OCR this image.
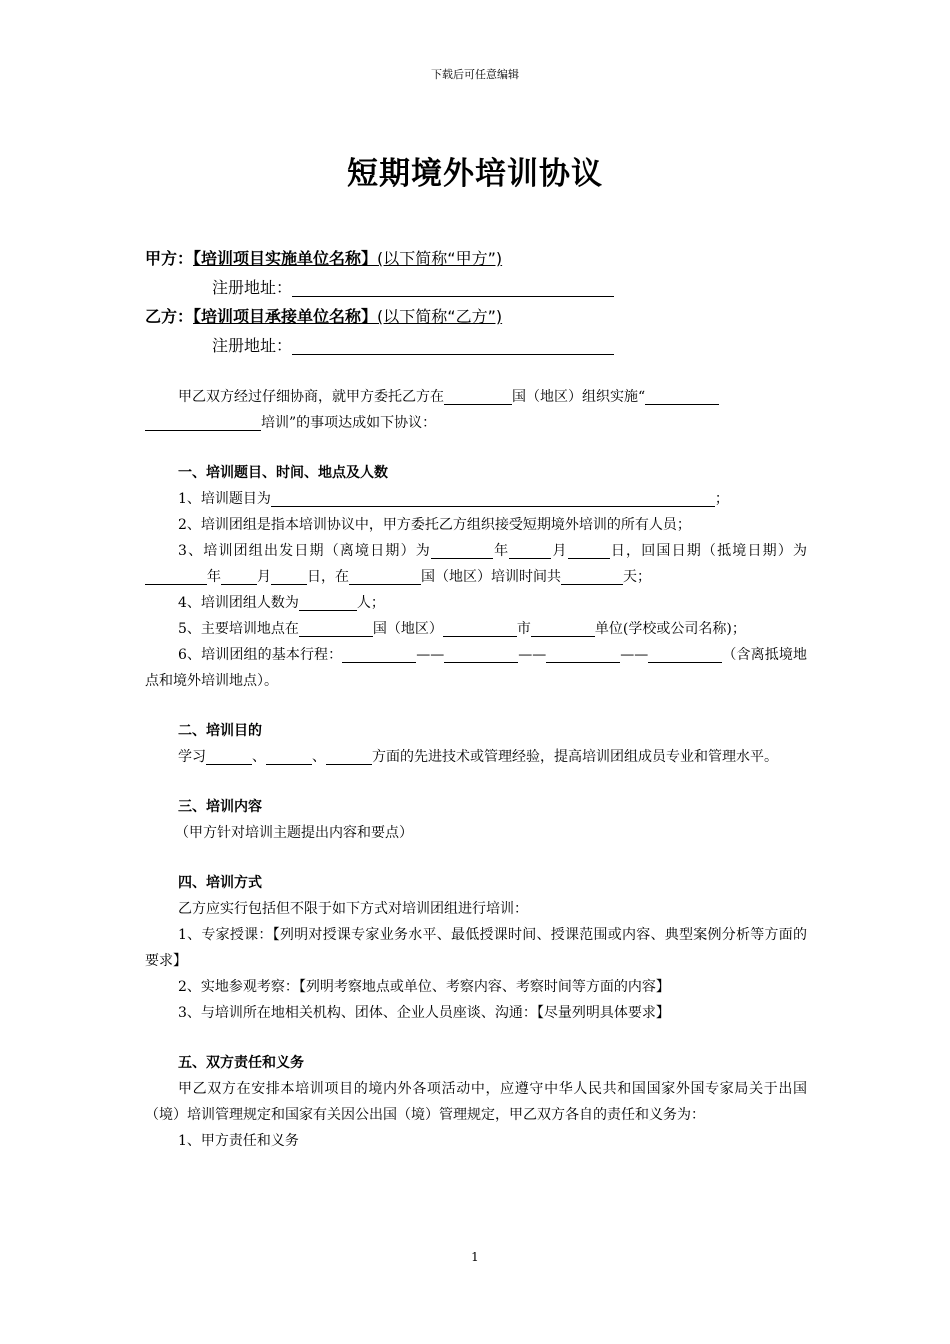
下载后可任意编辑
短期境外培训协议
甲方：【培训项目实施单位名称】(以下简称“甲方”)
注册地址：
乙方：【培训项目承接单位名称】(以下简称“乙方”)
注册地址：

甲乙双方经过仔细协商，就甲方委托乙方在	国（地区）组织实施“
培训”的事项达成如下协议：

一、培训题目、时间、地点及人数

1、培训题目为	；

2、培训团组是指本培训协议中，甲方委托乙方组织接受短期境外培训的所有人员；

3、培训团组出发日期（离境日期）为	年	月	日，回国日期（抵境日期）为年	月	日，在	国（地区）培训时间共	天；

4、培训团组人数为	人；

5、主要培训地点在	国（地区）	市	单位(学校或公司名称)；

6、培训团组的基本行程：	——	——	——	（含离抵境地点和境外培训地点）。

二、培训目的

学习	、	、	方面的先进技术或管理经验，提高培训团组成员专业和管理水平。

三、培训内容

（甲方针对培训主题提出内容和要点）

四、培训方式

乙方应实行包括但不限于如下方式对培训团组进行培训：

1、专家授课：【列明对授课专家业务水平、最低授课时间、授课范围或内容、典型案例分析等方面的要求】

2、实地参观考察：【列明考察地点或单位、考察内容、考察时间等方面的内容】

3、与培训所在地相关机构、团体、企业人员座谈、沟通：【尽量列明具体要求】

五、双方责任和义务

甲乙双方在安排本培训项目的境内外各项活动中，应遵守中华人民共和国国家外国专家局关于出国（境）培训管理规定和国家有关因公出国（境）管理规定，甲乙双方各自的责任和义务为：

1、甲方责任和义务

1
